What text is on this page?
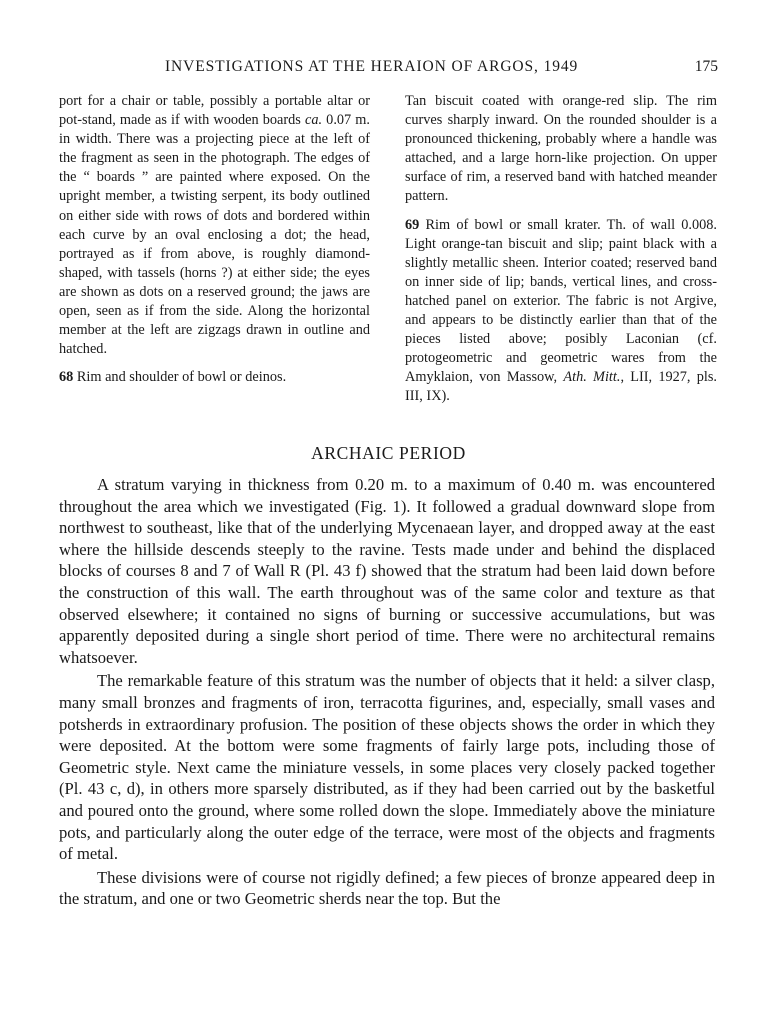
INVESTIGATIONS AT THE HERAION OF ARGOS, 1949	175

port for a chair or table, possibly a portable altar or pot-stand, made as if with wooden boards ca. 0.07 m. in width. There was a projecting piece at the left of the fragment as seen in the photograph. The edges of the “ boards ” are painted where exposed. On the upright member, a twisting serpent, its body outlined on either side with rows of dots and bordered within each curve by an oval enclosing a dot; the head, portrayed as if from above, is roughly diamond-shaped, with tassels (horns ?) at either side; the eyes are shown as dots on a reserved ground; the jaws are open, seen as if from the side. Along the horizontal member at the left are zigzags drawn in outline and hatched.

68 Rim and shoulder of bowl or deinos.

Tan biscuit coated with orange-red slip. The rim curves sharply inward. On the rounded shoulder is a pronounced thickening, probably where a handle was attached, and a large horn-like projection. On upper surface of rim, a reserved band with hatched meander pattern.

69 Rim of bowl or small krater. Th. of wall 0.008. Light orange-tan biscuit and slip; paint black with a slightly metallic sheen. Interior coated; reserved band on inner side of lip; bands, vertical lines, and cross-hatched panel on exterior. The fabric is not Argive, and appears to be distinctly earlier than that of the pieces listed above; posibly Laconian (cf. protogeometric and geometric wares from the Amyklaion, von Massow, Ath. Mitt., LII, 1927, pls. III, IX).

ARCHAIC PERIOD

A stratum varying in thickness from 0.20 m. to a maximum of 0.40 m. was encountered throughout the area which we investigated (Fig. 1). It followed a gradual downward slope from northwest to southeast, like that of the underlying Mycenaean layer, and dropped away at the east where the hillside descends steeply to the ravine. Tests made under and behind the displaced blocks of courses 8 and 7 of Wall R (Pl. 43 f) showed that the stratum had been laid down before the construction of this wall. The earth throughout was of the same color and texture as that observed elsewhere; it contained no signs of burning or successive accumulations, but was apparently deposited during a single short period of time. There were no architectural remains whatsoever.

The remarkable feature of this stratum was the number of objects that it held: a silver clasp, many small bronzes and fragments of iron, terracotta figurines, and, especially, small vases and potsherds in extraordinary profusion. The position of these objects shows the order in which they were deposited. At the bottom were some fragments of fairly large pots, including those of Geometric style. Next came the miniature vessels, in some places very closely packed together (Pl. 43 c, d), in others more sparsely distributed, as if they had been carried out by the basketful and poured onto the ground, where some rolled down the slope. Immediately above the miniature pots, and particularly along the outer edge of the terrace, were most of the objects and fragments of metal.

These divisions were of course not rigidly defined; a few pieces of bronze appeared deep in the stratum, and one or two Geometric sherds near the top. But the
